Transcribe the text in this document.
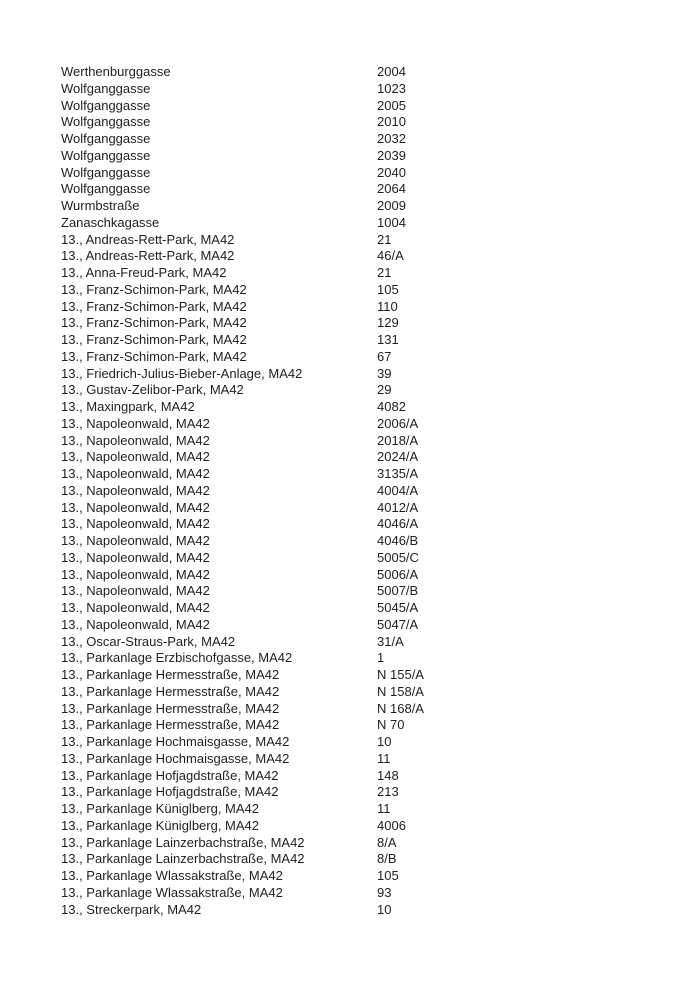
Werthenburggasse	2004
Wolfganggasse	1023
Wolfganggasse	2005
Wolfganggasse	2010
Wolfganggasse	2032
Wolfganggasse	2039
Wolfganggasse	2040
Wolfganggasse	2064
Wurmbstraße	2009
Zanaschkagasse	1004
13., Andreas-Rett-Park, MA42	21
13., Andreas-Rett-Park, MA42	46/A
13., Anna-Freud-Park, MA42	21
13., Franz-Schimon-Park, MA42	105
13., Franz-Schimon-Park, MA42	110
13., Franz-Schimon-Park, MA42	129
13., Franz-Schimon-Park, MA42	131
13., Franz-Schimon-Park, MA42	67
13., Friedrich-Julius-Bieber-Anlage, MA42	39
13., Gustav-Zelibor-Park, MA42	29
13., Maxingpark, MA42	4082
13., Napoleonwald, MA42	2006/A
13., Napoleonwald, MA42	2018/A
13., Napoleonwald, MA42	2024/A
13., Napoleonwald, MA42	3135/A
13., Napoleonwald, MA42	4004/A
13., Napoleonwald, MA42	4012/A
13., Napoleonwald, MA42	4046/A
13., Napoleonwald, MA42	4046/B
13., Napoleonwald, MA42	5005/C
13., Napoleonwald, MA42	5006/A
13., Napoleonwald, MA42	5007/B
13., Napoleonwald, MA42	5045/A
13., Napoleonwald, MA42	5047/A
13., Oscar-Straus-Park, MA42	31/A
13., Parkanlage Erzbischofgasse, MA42	1
13., Parkanlage Hermesstraße, MA42	N 155/A
13., Parkanlage Hermesstraße, MA42	N 158/A
13., Parkanlage Hermesstraße, MA42	N 168/A
13., Parkanlage Hermesstraße, MA42	N 70
13., Parkanlage Hochmaisgasse, MA42	10
13., Parkanlage Hochmaisgasse, MA42	11
13., Parkanlage Hofjagdstraße, MA42	148
13., Parkanlage Hofjagdstraße, MA42	213
13., Parkanlage Küniglberg, MA42	11
13., Parkanlage Küniglberg, MA42	4006
13., Parkanlage Lainzerbachstraße, MA42	8/A
13., Parkanlage Lainzerbachstraße, MA42	8/B
13., Parkanlage Wlassakstraße, MA42	105
13., Parkanlage Wlassakstraße, MA42	93
13., Streckerpark, MA42	10
